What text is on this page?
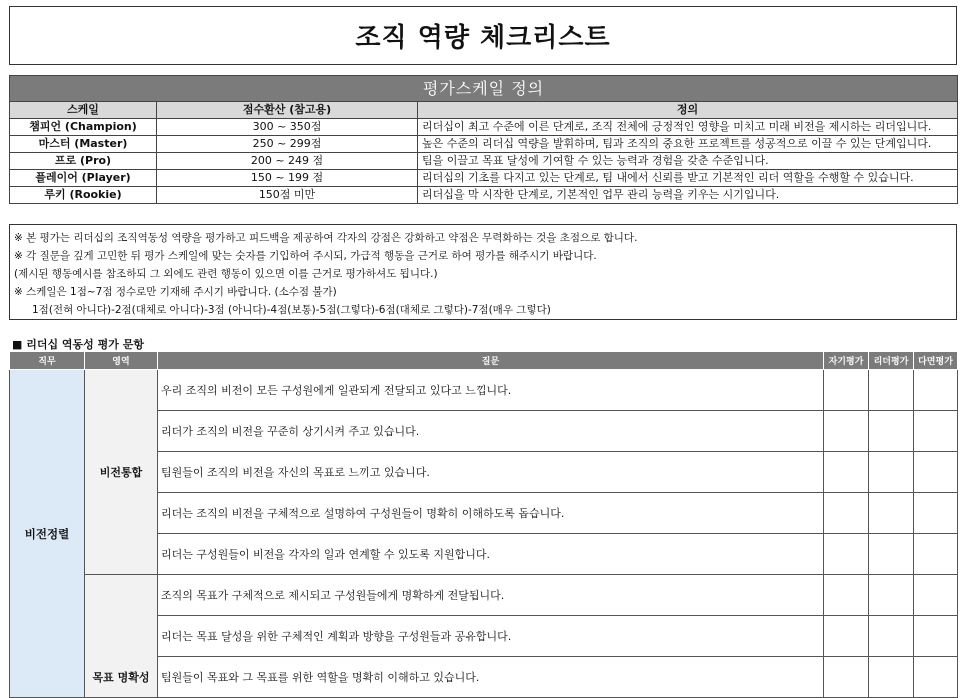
조직 역량 체크리스트
평가스케일 정의		
스케일	점수환산 (참고용)	정의
챔피언 (Champion)	300 ~ 350점	리더십이 최고 수준에 이른 단계로, 조직 전체에 긍정적인 영향을 미치고 미래 비전을 제시하는 리더입니다.
마스터 (Master)	250 ~ 299점	높은 수준의 리더십 역량을 발휘하며, 팀과 조직의 중요한 프로젝트를 성공적으로 이끌 수 있는 단계입니다.
프로 (Pro)	200 ~ 249 점	팀을 이끌고 목표 달성에 기여할 수 있는 능력과 경험을 갖춘 수준입니다.
플레이어 (Player)	150 ~ 199 점	리더십의 기초를 다지고 있는 단계로, 팀 내에서 신뢰를 받고 기본적인 리더 역할을 수행할 수 있습니다.
루키 (Rookie)	150점 미만	리더십을 막 시작한 단계로, 기본적인 업무 관리 능력을 키우는 시기입니다.
※ 본 평가는 리더십의 조직역동성 역량을 평가하고 피드백을 제공하여 각자의 강점은 강화하고 약점은 무력화하는 것을 초점으로 합니다.
※ 각 질문을 깊게 고민한 뒤 평가 스케일에 맞는 숫자를 기입하여 주시되, 가급적 행동을 근거로 하여 평가를 해주시기 바랍니다.
(제시된 행동예시를 참조하되 그 외에도 관련 행동이 있으면 이를 근거로 평가하셔도 됩니다.)
※ 스케일은 1점~7점 정수로만 기재해 주시기 바랍니다. (소수점 불가)
1점(전혀 아니다)-2점(대체로 아니다)-3점 (아니다)-4점(보통)-5점(그렇다)-6점(대체로 그렇다)-7점(매우 그렇다)
■ 리더십 역동성 평가 문항
직무	영역	질문	자기평가	리더평가	다면평가
비전정렬	비전통합	우리 조직의 비전이 모든 구성원에게 일관되게 전달되고 있다고 느낍니다.			
		리더가 조직의 비전을 꾸준히 상기시켜 주고 있습니다.			
		팀원들이 조직의 비전을 자신의 목표로 느끼고 있습니다.			
		리더는 조직의 비전을 구체적으로 설명하여 구성원들이 명확히 이해하도록 돕습니다.			
		리더는 구성원들이 비전을 각자의 일과 연계할 수 있도록 지원합니다.			
	목표 명확성	조직의 목표가 구체적으로 제시되고 구성원들에게 명확하게 전달됩니다.			
		리더는 목표 달성을 위한 구체적인 계획과 방향을 구성원들과 공유합니다.			
		팀원들이 목표와 그 목표를 위한 역할을 명확히 이해하고 있습니다.			
